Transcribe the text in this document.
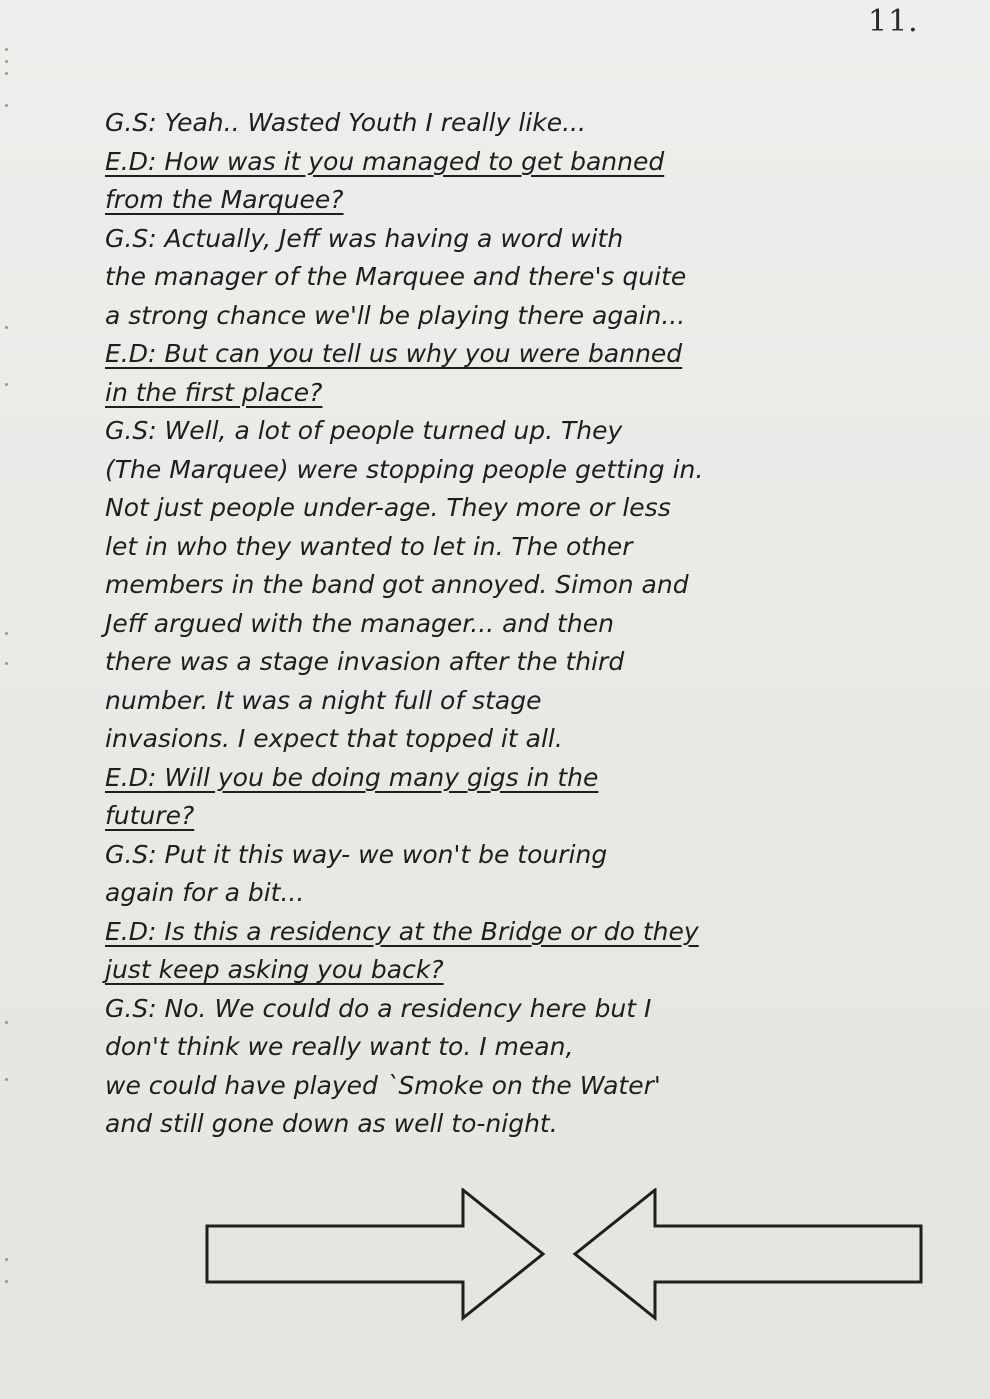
11.
G.S: Yeah.. Wasted Youth I really like...
E.D: How was it you managed to get banned
from the Marquee?
G.S: Actually, Jeff was having a word with
the manager of the Marquee and there's quite
a strong chance we'll be playing there again...
E.D: But can you tell us why you were banned
in the first place?
G.S: Well, a lot of people turned up. They
(The Marquee) were stopping people getting in.
Not just people under-age. They more or less
let in who they wanted to let in. The other
members in the band got annoyed. Simon and
Jeff argued with the manager... and then
there was a stage invasion after the third
number. It was a night full of stage
invasions. I expect that topped it all.
E.D: Will you be doing many gigs in the
future?
G.S: Put it this way- we won't be touring
again for a bit...
E.D: Is this a residency at the Bridge or do they
just keep asking you back?
G.S: No. We could do a residency here but I
don't think we really want to. I mean,
we could have played `Smoke on the Water'
and still gone down as well to-night.
